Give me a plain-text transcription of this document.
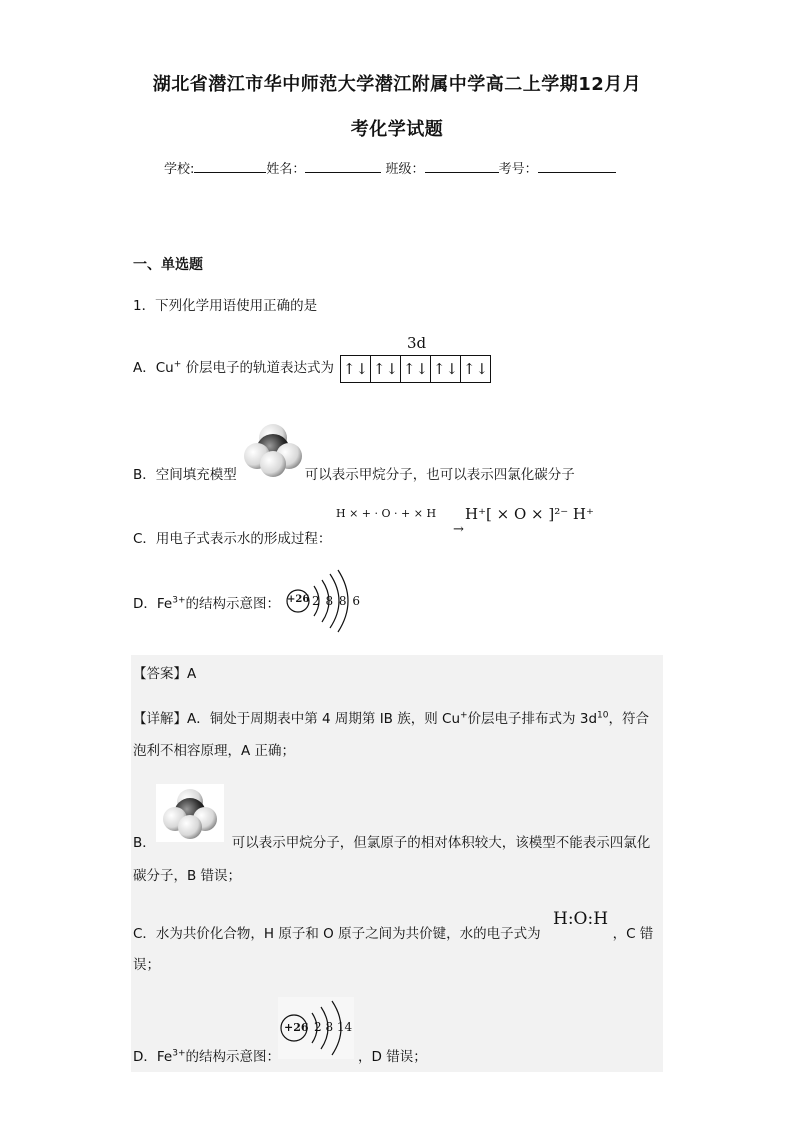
湖北省潜江市华中师范大学潜江附属中学高二上学期12月月
考化学试题
学校:	姓名：	班级：	考号：
一、单选题
1．下列化学用语使用正确的是
A．Cu+ 价层电子的轨道表达式为
3d
↑↓ ↑↓ ↑↓ ↑↓ ↑↓
B．空间填充模型	可以表示甲烷分子，也可以表示四氯化碳分子
C．用电子式表示水的形成过程：
H × + · O · + × H
→
H⁺[ × O × ]²⁻ H⁺
D．$Fe^{3+}$的结构示意图： +26 2 8 8 6
【答案】A
【详解】A．铜处于周期表中第 4 周期第 IB 族，则 Cu+价层电子排布式为 $3d^{10}$，符合
泡利不相容原理，A 正确；
B．	可以表示甲烷分子，但氯原子的相对体积较大，该模型不能表示四氯化
碳分子，B 错误；
C．水为共价化合物，H 原子和 O 原子之间为共价键，水的电子式为	，C 错
H:O:H
误；
+26 2 8 14
D．$Fe^{3+}$的结构示意图：	，D 错误；
